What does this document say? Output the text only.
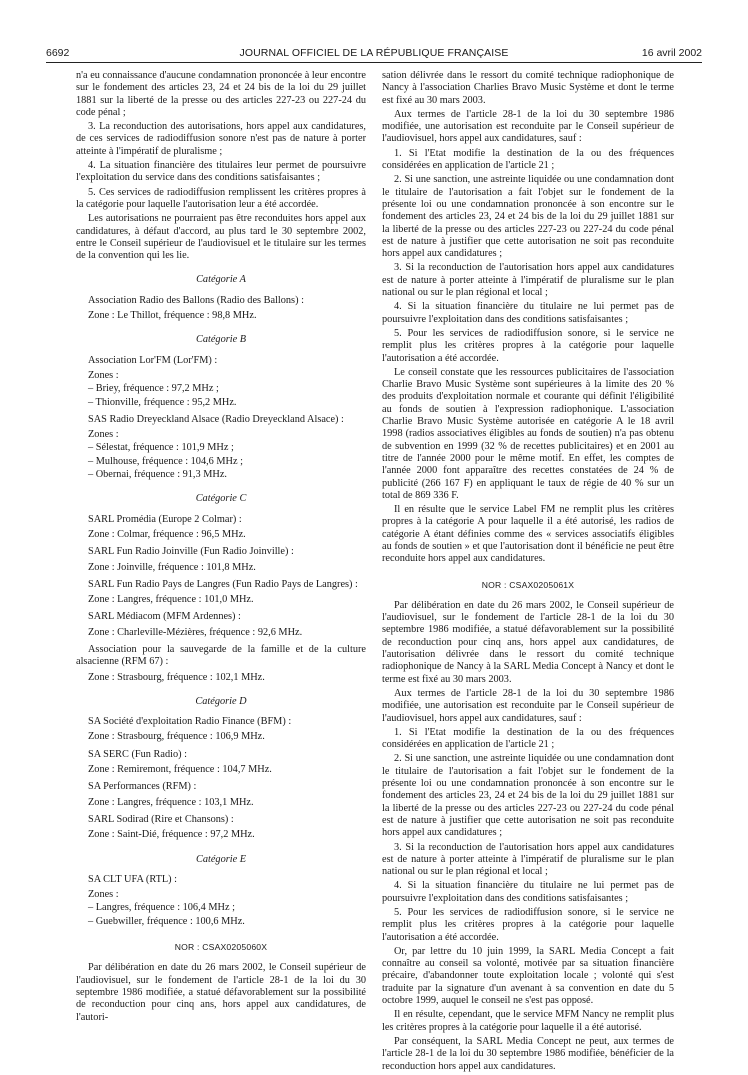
6692	JOURNAL OFFICIEL DE LA RÉPUBLIQUE FRANÇAISE	16 avril 2002

n'a eu connaissance d'aucune condamnation prononcée à leur encontre sur le fondement des articles 23, 24 et 24 bis de la loi du 29 juillet 1881 sur la liberté de la presse ou des articles 227-23 ou 227-24 du code pénal ;

3. La reconduction des autorisations, hors appel aux candidatures, de ces services de radiodiffusion sonore n'est pas de nature à porter atteinte à l'impératif de pluralisme ;

4. La situation financière des titulaires leur permet de poursuivre l'exploitation du service dans des conditions satisfaisantes ;

5. Ces services de radiodiffusion remplissent les critères propres à la catégorie pour laquelle l'autorisation leur a été accordée.

Les autorisations ne pourraient pas être reconduites hors appel aux candidatures, à défaut d'accord, au plus tard le 30 septembre 2002, entre le Conseil supérieur de l'audiovisuel et le titulaire sur les termes de la convention qui les lie.

Catégorie A

Association Radio des Ballons (Radio des Ballons) :

Zone : Le Thillot, fréquence : 98,8 MHz.

Catégorie B

Association Lor'FM (Lor'FM) :

Zones :

– Briey, fréquence : 97,2 MHz ;

– Thionville, fréquence : 95,2 MHz.

SAS Radio Dreyeckland Alsace (Radio Dreyeckland Alsace) :

Zones :

– Sélestat, fréquence : 101,9 MHz ;

– Mulhouse, fréquence : 104,6 MHz ;

– Obernai, fréquence : 91,3 MHz.

Catégorie C

SARL Promédia (Europe 2 Colmar) :

Zone : Colmar, fréquence : 96,5 MHz.

SARL Fun Radio Joinville (Fun Radio Joinville) :

Zone : Joinville, fréquence : 101,8 MHz.

SARL Fun Radio Pays de Langres (Fun Radio Pays de Langres) :

Zone : Langres, fréquence : 101,0 MHz.

SARL Médiacom (MFM Ardennes) :

Zone : Charleville-Mézières, fréquence : 92,6 MHz.

Association pour la sauvegarde de la famille et de la culture alsacienne (RFM 67) :

Zone : Strasbourg, fréquence : 102,1 MHz.

Catégorie D

SA Société d'exploitation Radio Finance (BFM) :

Zone : Strasbourg, fréquence : 106,9 MHz.

SA SERC (Fun Radio) :

Zone : Remiremont, fréquence : 104,7 MHz.

SA Performances (RFM) :

Zone : Langres, fréquence : 103,1 MHz.

SARL Sodirad (Rire et Chansons) :

Zone : Saint-Dié, fréquence : 97,2 MHz.

Catégorie E

SA CLT UFA (RTL) :

Zones :

– Langres, fréquence : 106,4 MHz ;

– Guebwiller, fréquence : 100,6 MHz.

NOR : CSAX0205060X

Par délibération en date du 26 mars 2002, le Conseil supérieur de l'audiovisuel, sur le fondement de l'article 28-1 de la loi du 30 septembre 1986 modifiée, a statué défavorablement sur la possibilité de reconduction pour cinq ans, hors appel aux candidatures, de l'autori-

sation délivrée dans le ressort du comité technique radiophonique de Nancy à l'association Charlies Bravo Music Système et dont le terme est fixé au 30 mars 2003.

Aux termes de l'article 28-1 de la loi du 30 septembre 1986 modifiée, une autorisation est reconduite par le Conseil supérieur de l'audiovisuel, hors appel aux candidatures, sauf :

1. Si l'Etat modifie la destination de la ou des fréquences considérées en application de l'article 21 ;

2. Si une sanction, une astreinte liquidée ou une condamnation dont le titulaire de l'autorisation a fait l'objet sur le fondement de la présente loi ou une condamnation prononcée à son encontre sur le fondement des articles 23, 24 et 24 bis de la loi du 29 juillet 1881 sur la liberté de la presse ou des articles 227-23 ou 227-24 du code pénal est de nature à justifier que cette autorisation ne soit pas reconduite hors appel aux candidatures ;

3. Si la reconduction de l'autorisation hors appel aux candidatures est de nature à porter atteinte à l'impératif de pluralisme sur le plan national ou sur le plan régional et local ;

4. Si la situation financière du titulaire ne lui permet pas de poursuivre l'exploitation dans des conditions satisfaisantes ;

5. Pour les services de radiodiffusion sonore, si le service ne remplit plus les critères propres à la catégorie pour laquelle l'autorisation a été accordée.

Le conseil constate que les ressources publicitaires de l'association Charlie Bravo Music Système sont supérieures à la limite des 20 % des produits d'exploitation normale et courante qui définit l'éligibilité au fonds de soutien à l'expression radiophonique. L'association Charlie Bravo Music Système autorisée en catégorie A le 18 avril 1998 (radios associatives éligibles au fonds de soutien) n'a pas obtenu de subvention en 1999 (32 % de recettes publicitaires) et en 2001 au titre de l'année 2000 pour le même motif. En effet, les comptes de l'année 2000 font apparaître des recettes constatées de 24 % de publicité (266 167 F) en appliquant le taux de régie de 40 % sur un total de 869 336 F.

Il en résulte que le service Label FM ne remplit plus les critères propres à la catégorie A pour laquelle il a été autorisé, les radios de catégorie A étant définies comme des « services associatifs éligibles au fonds de soutien » et que l'autorisation dont il bénéficie ne peut être reconduite hors appel aux candidatures.

NOR : CSAX0205061X

Par délibération en date du 26 mars 2002, le Conseil supérieur de l'audiovisuel, sur le fondement de l'article 28-1 de la loi du 30 septembre 1986 modifiée, a statué défavorablement sur la possibilité de reconduction pour cinq ans, hors appel aux candidatures, de l'autorisation délivrée dans le ressort du comité technique radiophonique de Nancy à la SARL Media Concept à Nancy et dont le terme est fixé au 30 mars 2003.

Aux termes de l'article 28-1 de la loi du 30 septembre 1986 modifiée, une autorisation est reconduite par le Conseil supérieur de l'audiovisuel, hors appel aux candidatures, sauf :

1. Si l'Etat modifie la destination de la ou des fréquences considérées en application de l'article 21 ;

2. Si une sanction, une astreinte liquidée ou une condamnation dont le titulaire de l'autorisation a fait l'objet sur le fondement de la présente loi ou une condamnation prononcée à son encontre sur le fondement des articles 23, 24 et 24 bis de la loi du 29 juillet 1881 sur la liberté de la presse ou des articles 227-23 ou 227-24 du code pénal est de nature à justifier que cette autorisation ne soit pas reconduite hors appel aux candidatures ;

3. Si la reconduction de l'autorisation hors appel aux candidatures est de nature à porter atteinte à l'impératif de pluralisme sur le plan national ou sur le plan régional et local ;

4. Si la situation financière du titulaire ne lui permet pas de poursuivre l'exploitation dans des conditions satisfaisantes ;

5. Pour les services de radiodiffusion sonore, si le service ne remplit plus les critères propres à la catégorie pour laquelle l'autorisation a été accordée.

Or, par lettre du 10 juin 1999, la SARL Media Concept a fait connaître au conseil sa volonté, motivée par sa situation financière précaire, d'abandonner toute exploitation locale ; volonté qui s'est traduite par la signature d'un avenant à sa convention en date du 5 octobre 1999, auquel le conseil ne s'est pas opposé.

Il en résulte, cependant, que le service MFM Nancy ne remplit plus les critères propres à la catégorie pour laquelle il a été autorisé.

Par conséquent, la SARL Media Concept ne peut, aux termes de l'article 28-1 de la loi du 30 septembre 1986 modifiée, bénéficier de la reconduction hors appel aux candidatures.
